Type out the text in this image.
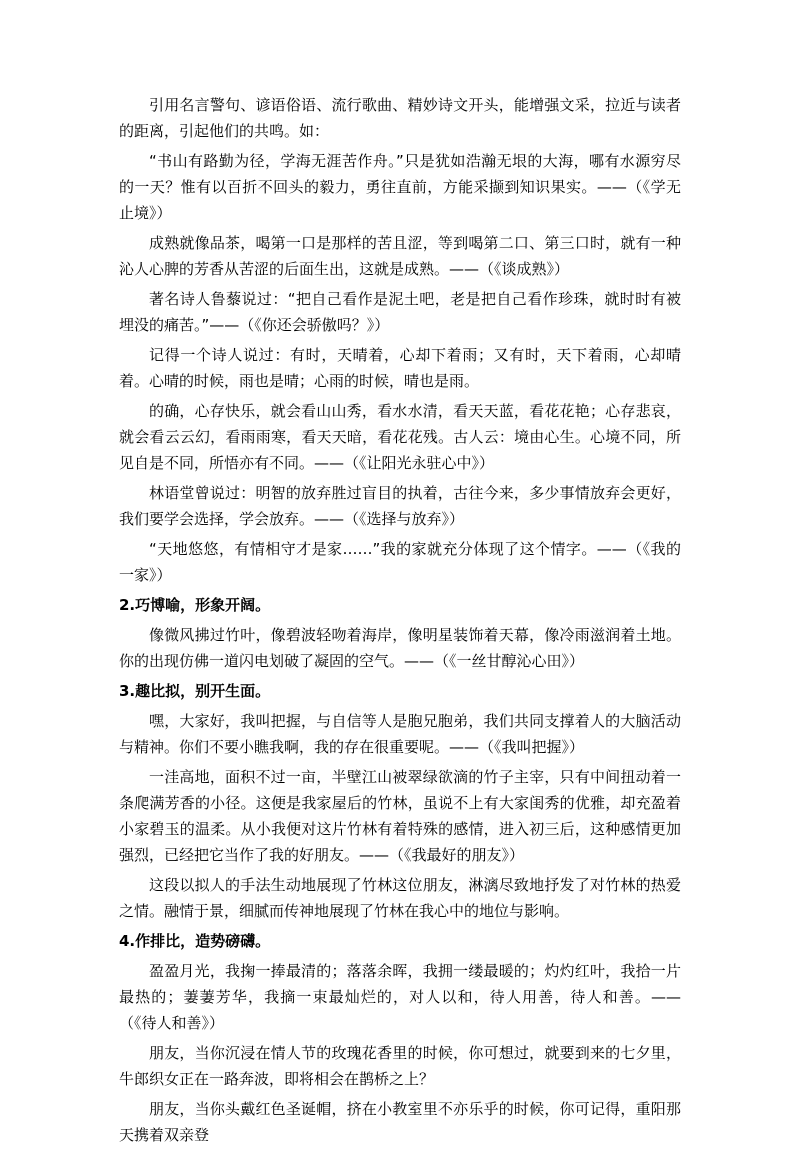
引用名言警句、谚语俗语、流行歌曲、精妙诗文开头，能增强文采，拉近与读者的距离，引起他们的共鸣。如：

“书山有路勤为径，学海无涯苦作舟。”只是犹如浩瀚无垠的大海，哪有水源穷尽的一天？惟有以百折不回头的毅力，勇往直前，方能采撷到知识果实。——（《学无止境》）

成熟就像品茶，喝第一口是那样的苦且涩，等到喝第二口、第三口时，就有一种沁人心脾的芳香从苦涩的后面生出，这就是成熟。——（《谈成熟》）

著名诗人鲁藜说过：“把自己看作是泥土吧，老是把自己看作珍珠，就时时有被埋没的痛苦。”——（《你还会骄傲吗？》）

记得一个诗人说过：有时，天晴着，心却下着雨；又有时，天下着雨，心却晴着。心晴的时候，雨也是晴；心雨的时候，晴也是雨。

的确，心存快乐，就会看山山秀，看水水清，看天天蓝，看花花艳；心存悲哀，就会看云云幻，看雨雨寒，看天天暗，看花花残。古人云：境由心生。心境不同，所见自是不同，所悟亦有不同。——（《让阳光永驻心中》）

林语堂曾说过：明智的放弃胜过盲目的执着，古往今来，多少事情放弃会更好，我们要学会选择，学会放弃。——（《选择与放弃》）

“天地悠悠，有情相守才是家……”我的家就充分体现了这个情字。——（《我的一家》）

2.巧博喻，形象开阔。

像微风拂过竹叶，像碧波轻吻着海岸，像明星装饰着天幕，像冷雨滋润着土地。你的出现仿佛一道闪电划破了凝固的空气。——（《一丝甘醇沁心田》）

3.趣比拟，别开生面。

嘿，大家好，我叫把握，与自信等人是胞兄胞弟，我们共同支撑着人的大脑活动与精神。你们不要小瞧我啊，我的存在很重要呢。——（《我叫把握》）

一洼高地，面积不过一亩，半壁江山被翠绿欲滴的竹子主宰，只有中间扭动着一条爬满芳香的小径。这便是我家屋后的竹林，虽说不上有大家闺秀的优雅，却充盈着小家碧玉的温柔。从小我便对这片竹林有着特殊的感情，进入初三后，这种感情更加强烈，已经把它当作了我的好朋友。——（《我最好的朋友》）

这段以拟人的手法生动地展现了竹林这位朋友，淋漓尽致地抒发了对竹林的热爱之情。融情于景，细腻而传神地展现了竹林在我心中的地位与影响。

4.作排比，造势磅礴。

盈盈月光，我掬一捧最清的；落落余晖，我拥一缕最暖的；灼灼红叶，我拾一片最热的；萋萋芳华，我摘一束最灿烂的，对人以和，待人用善，待人和善。——（《待人和善》）

朋友，当你沉浸在情人节的玫瑰花香里的时候，你可想过，就要到来的七夕里，牛郎织女正在一路奔波，即将相会在鹊桥之上？

朋友，当你头戴红色圣诞帽，挤在小教室里不亦乐乎的时候，你可记得，重阳那天携着双亲登
